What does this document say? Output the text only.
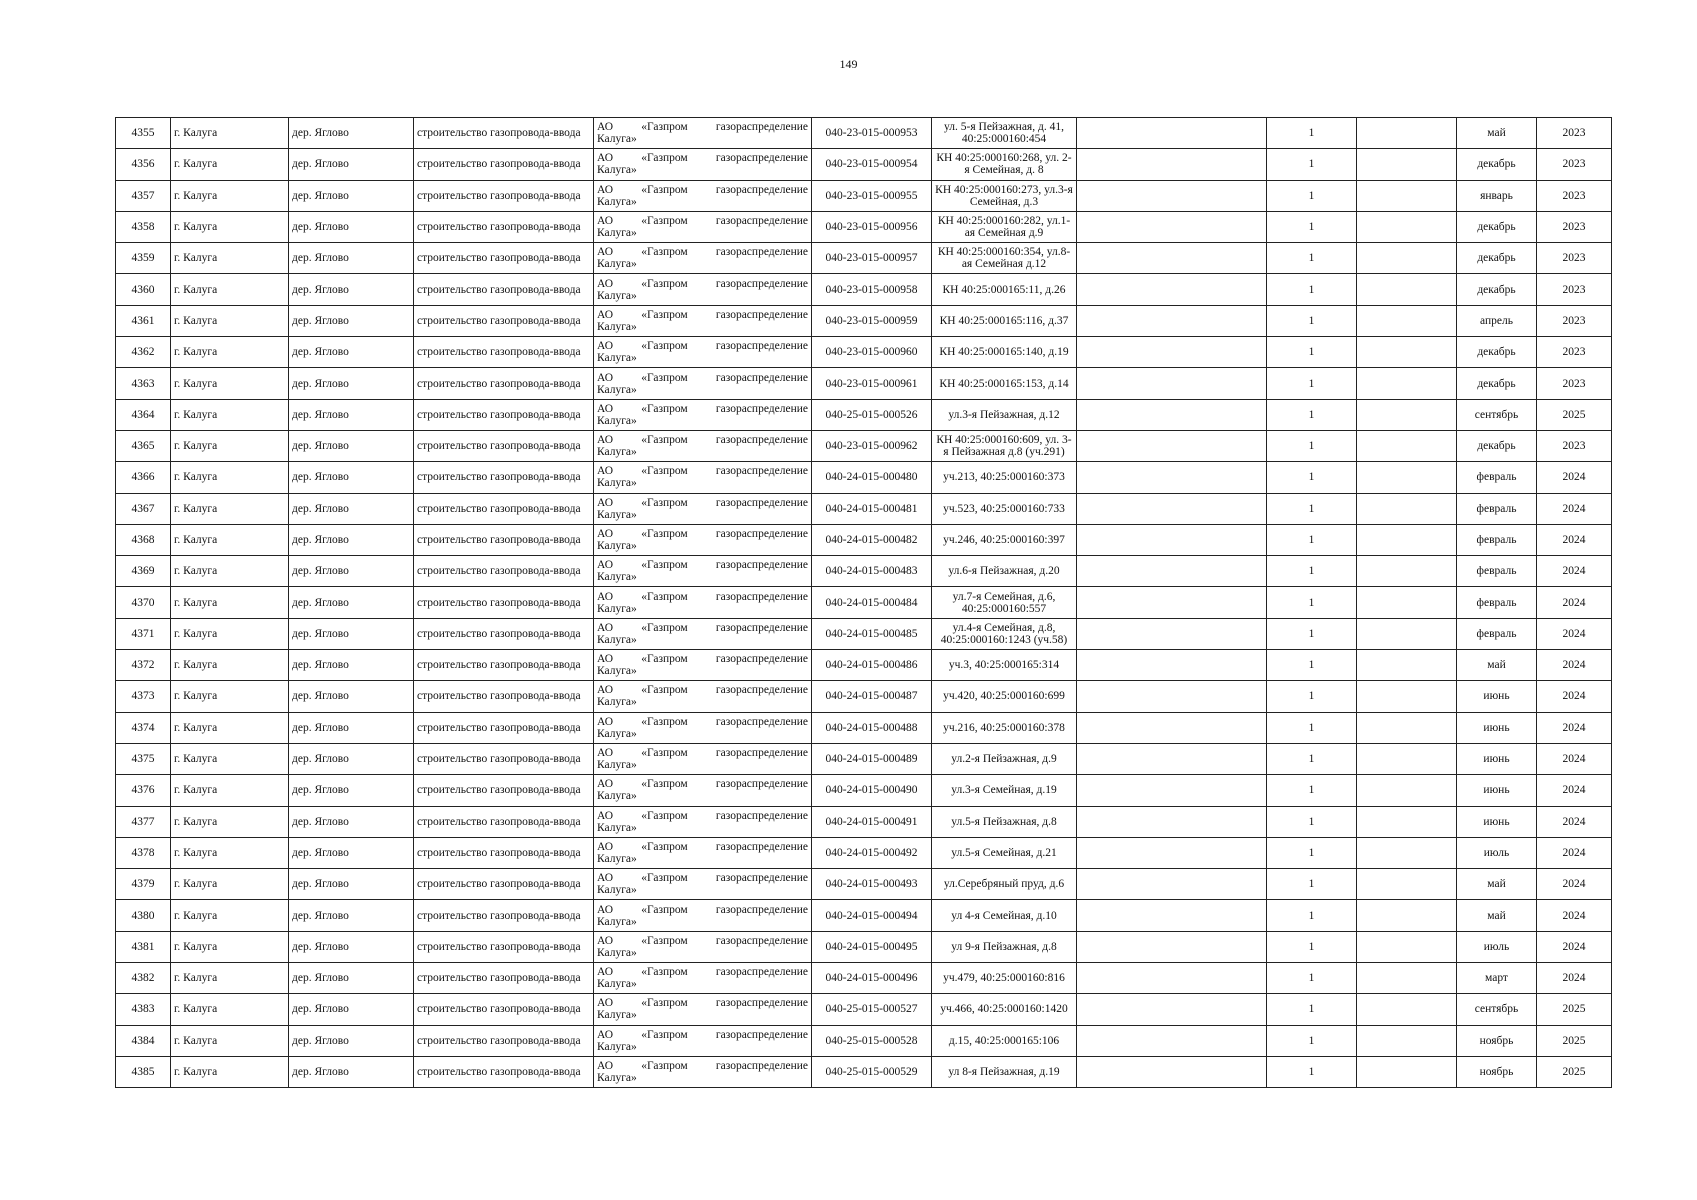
149
4355	г. Калуга	дер. Яглово	строительство газопровода-ввода	АО «Газпром газораспределение
Калуга»	040-23-015-000953	ул. 5-я Пейзажная, д. 41, 40:25:000160:454		1		май	2023
4356	г. Калуга	дер. Яглово	строительство газопровода-ввода	АО «Газпром газораспределение
Калуга»	040-23-015-000954	КН 40:25:000160:268, ул. 2-я Семейная, д. 8		1		декабрь	2023
4357	г. Калуга	дер. Яглово	строительство газопровода-ввода	АО «Газпром газораспределение
Калуга»	040-23-015-000955	КН 40:25:000160:273, ул.3-я Семейная, д.3		1		январь	2023
4358	г. Калуга	дер. Яглово	строительство газопровода-ввода	АО «Газпром газораспределение
Калуга»	040-23-015-000956	КН 40:25:000160:282, ул.1-ая Семейная д.9		1		декабрь	2023
4359	г. Калуга	дер. Яглово	строительство газопровода-ввода	АО «Газпром газораспределение
Калуга»	040-23-015-000957	КН 40:25:000160:354, ул.8-ая Семейная д.12		1		декабрь	2023
4360	г. Калуга	дер. Яглово	строительство газопровода-ввода	АО «Газпром газораспределение
Калуга»	040-23-015-000958	КН 40:25:000165:11, д.26		1		декабрь	2023
4361	г. Калуга	дер. Яглово	строительство газопровода-ввода	АО «Газпром газораспределение
Калуга»	040-23-015-000959	КН 40:25:000165:116, д.37		1		апрель	2023
4362	г. Калуга	дер. Яглово	строительство газопровода-ввода	АО «Газпром газораспределение
Калуга»	040-23-015-000960	КН 40:25:000165:140, д.19		1		декабрь	2023
4363	г. Калуга	дер. Яглово	строительство газопровода-ввода	АО «Газпром газораспределение
Калуга»	040-23-015-000961	КН 40:25:000165:153, д.14		1		декабрь	2023
4364	г. Калуга	дер. Яглово	строительство газопровода-ввода	АО «Газпром газораспределение
Калуга»	040-25-015-000526	ул.3-я Пейзажная, д.12		1		сентябрь	2025
4365	г. Калуга	дер. Яглово	строительство газопровода-ввода	АО «Газпром газораспределение
Калуга»	040-23-015-000962	КН 40:25:000160:609, ул. 3-я Пейзажная д.8 (уч.291)		1		декабрь	2023
4366	г. Калуга	дер. Яглово	строительство газопровода-ввода	АО «Газпром газораспределение
Калуга»	040-24-015-000480	уч.213, 40:25:000160:373		1		февраль	2024
4367	г. Калуга	дер. Яглово	строительство газопровода-ввода	АО «Газпром газораспределение
Калуга»	040-24-015-000481	уч.523, 40:25:000160:733		1		февраль	2024
4368	г. Калуга	дер. Яглово	строительство газопровода-ввода	АО «Газпром газораспределение
Калуга»	040-24-015-000482	уч.246, 40:25:000160:397		1		февраль	2024
4369	г. Калуга	дер. Яглово	строительство газопровода-ввода	АО «Газпром газораспределение
Калуга»	040-24-015-000483	ул.6-я Пейзажная, д.20		1		февраль	2024
4370	г. Калуга	дер. Яглово	строительство газопровода-ввода	АО «Газпром газораспределение
Калуга»	040-24-015-000484	ул.7-я Семейная, д.6, 40:25:000160:557		1		февраль	2024
4371	г. Калуга	дер. Яглово	строительство газопровода-ввода	АО «Газпром газораспределение
Калуга»	040-24-015-000485	ул.4-я Семейная, д.8, 40:25:000160:1243 (уч.58)		1		февраль	2024
4372	г. Калуга	дер. Яглово	строительство газопровода-ввода	АО «Газпром газораспределение
Калуга»	040-24-015-000486	уч.3, 40:25:000165:314		1		май	2024
4373	г. Калуга	дер. Яглово	строительство газопровода-ввода	АО «Газпром газораспределение
Калуга»	040-24-015-000487	уч.420, 40:25:000160:699		1		июнь	2024
4374	г. Калуга	дер. Яглово	строительство газопровода-ввода	АО «Газпром газораспределение
Калуга»	040-24-015-000488	уч.216, 40:25:000160:378		1		июнь	2024
4375	г. Калуга	дер. Яглово	строительство газопровода-ввода	АО «Газпром газораспределение
Калуга»	040-24-015-000489	ул.2-я Пейзажная, д.9		1		июнь	2024
4376	г. Калуга	дер. Яглово	строительство газопровода-ввода	АО «Газпром газораспределение
Калуга»	040-24-015-000490	ул.3-я Семейная, д.19		1		июнь	2024
4377	г. Калуга	дер. Яглово	строительство газопровода-ввода	АО «Газпром газораспределение
Калуга»	040-24-015-000491	ул.5-я Пейзажная, д.8		1		июнь	2024
4378	г. Калуга	дер. Яглово	строительство газопровода-ввода	АО «Газпром газораспределение
Калуга»	040-24-015-000492	ул.5-я Семейная, д.21		1		июль	2024
4379	г. Калуга	дер. Яглово	строительство газопровода-ввода	АО «Газпром газораспределение
Калуга»	040-24-015-000493	ул.Серебряный пруд, д.6		1		май	2024
4380	г. Калуга	дер. Яглово	строительство газопровода-ввода	АО «Газпром газораспределение
Калуга»	040-24-015-000494	ул 4-я Семейная, д.10		1		май	2024
4381	г. Калуга	дер. Яглово	строительство газопровода-ввода	АО «Газпром газораспределение
Калуга»	040-24-015-000495	ул 9-я Пейзажная, д.8		1		июль	2024
4382	г. Калуга	дер. Яглово	строительство газопровода-ввода	АО «Газпром газораспределение
Калуга»	040-24-015-000496	уч.479, 40:25:000160:816		1		март	2024
4383	г. Калуга	дер. Яглово	строительство газопровода-ввода	АО «Газпром газораспределение
Калуга»	040-25-015-000527	уч.466, 40:25:000160:1420		1		сентябрь	2025
4384	г. Калуга	дер. Яглово	строительство газопровода-ввода	АО «Газпром газораспределение
Калуга»	040-25-015-000528	д.15, 40:25:000165:106		1		ноябрь	2025
4385	г. Калуга	дер. Яглово	строительство газопровода-ввода	АО «Газпром газораспределение
Калуга»	040-25-015-000529	ул 8-я Пейзажная, д.19		1		ноябрь	2025
